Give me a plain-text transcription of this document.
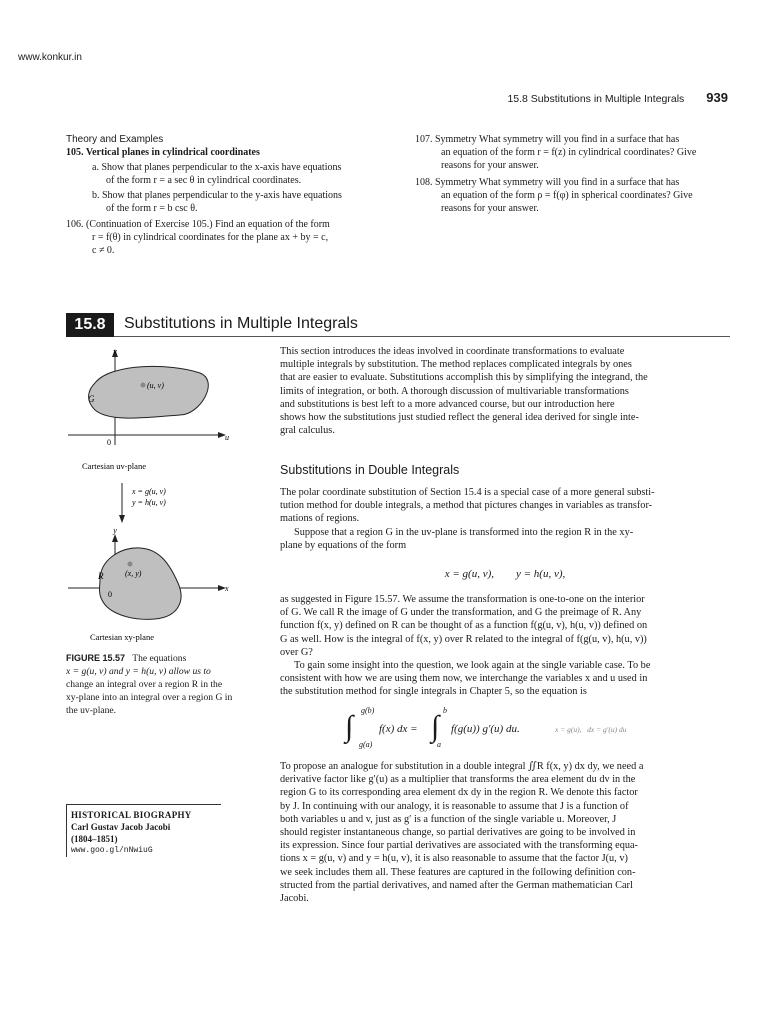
www.konkur.in
15.8 Substitutions in Multiple Integrals 939

Theory and Examples

105. Vertical planes in cylindrical coordinates

a. Show that planes perpendicular to the x-axis have equations

of the form r = a sec θ in cylindrical coordinates.

b. Show that planes perpendicular to the y-axis have equations

of the form r = b csc θ.

106. (Continuation of Exercise 105.) Find an equation of the form

r = f(θ) in cylindrical coordinates for the plane ax + by = c,

c ≠ 0.

107. Symmetry What symmetry will you find in a surface that has

an equation of the form r = f(z) in cylindrical coordinates? Give

reasons for your answer.

108. Symmetry What symmetry will you find in a surface that has

an equation of the form ρ = f(φ) in spherical coordinates? Give

reasons for your answer.

15.8	Substitutions in Multiple Integrals

This section introduces the ideas involved in coordinate transformations to evaluate

multiple integrals by substitution. The method replaces complicated integrals by ones

that are easier to evaluate. Substitutions accomplish this by simplifying the integrand, the

limits of integration, or both. A thorough discussion of multivariable transformations

and substitutions is best left to a more advanced course, but our introduction here

shows how the substitutions just studied reflect the general idea derived for single inte-

gral calculus.

Substitutions in Double Integrals

The polar coordinate substitution of Section 15.4 is a special case of a more general substi-

tution method for double integrals, a method that pictures changes in variables as transfor-

mations of regions.

Suppose that a region G in the uv-plane is transformed into the region R in the xy-

plane by equations of the form

x = g(u, v),        y = h(u, v),

as suggested in Figure 15.57. We assume the transformation is one-to-one on the interior

of G. We call R the image of G under the transformation, and G the preimage of R. Any

function f(x, y) defined on R can be thought of as a function f(g(u, v), h(u, v)) defined on

G as well. How is the integral of f(x, y) over R related to the integral of f(g(u, v), h(u, v))

over G?

To gain some insight into the question, we look again at the single variable case. To be

consistent with how we are using them now, we interchange the variables x and u used in

the substitution method for single integrals in Chapter 5, so the equation is

∫ g(b)
g(a)
f(x) dx = ∫ b
a
f(g(u)) g′(u) du.	x = g(u),   dx = g′(u) du

To propose an analogue for substitution in a double integral ∬R f(x, y) dx dy, we need a

derivative factor like g′(u) as a multiplier that transforms the area element du dv in the

region G to its corresponding area element dx dy in the region R. We denote this factor

by J. In continuing with our analogy, it is reasonable to assume that J is a function of

both variables u and v, just as g′ is a function of the single variable u. Moreover, J

should register instantaneous change, so partial derivatives are going to be involved in

its expression. Since four partial derivatives are associated with the transforming equa-

tions x = g(u, v) and y = h(u, v), it is also reasonable to assume that the factor J(u, v)

we seek includes them all. These features are captured in the following definition con-

structed from the partial derivatives, and named after the German mathematician Carl

Jacobi.

v
u
0
G
(u, v)
Cartesian uv-plane
x = g(u, v)
y = h(u, v)
y
x
0
R	(x, y)
Cartesian xy-plane
FIGURE 15.57 The equations
x = g(u, v) and y = h(u, v) allow us to
change an integral over a region R in the
xy-plane into an integral over a region G in
the uv-plane.
HISTORICAL BIOGRAPHY
Carl Gustav Jacob Jacobi
(1804–1851)
www.goo.gl/nNwiuG
